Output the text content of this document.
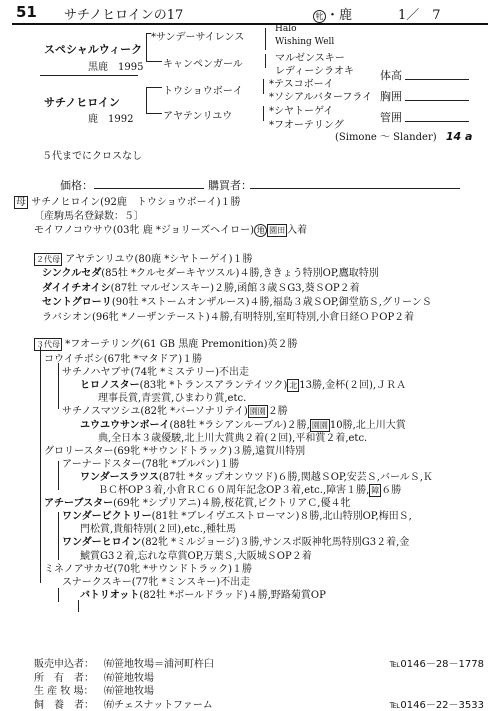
51 サチノヒロインの17	牝 ・鹿	1／　7
スペシャルウィーク
黒鹿　1995
*サンデーサイレンス
Halo
Wishing Well
キャンペンガール
マルゼンスキー
レディーシラオキ
サチノヒロイン
鹿　1992
トウショウボーイ
*テスコボーイ
*ソシアルバターフライ
アヤテンリユウ	*シヤトーゲイ
*フオーテリング
体高
胸囲
管囲
(Simone ～ Slander) 14 a
５代までにクロスなし
価格：	購買者：
母 サチノヒロイン(92鹿　トウショウボーイ)１勝
〔産駒馬名登録数：５〕
モイワノコウサウ(03牝 鹿 *ジョリーズヘイロー) 地 園田 入着
２代母 アヤテンリユウ(80鹿 *シヤトーゲイ)１勝
シンクルセダ(85牡 *クルセダーキヤツスル)４勝,ききょう特別OP,鷹取特別
ダイイチオイシ(87牡 マルゼンスキー)２勝,函館３歳ＳG3,葵ＳOP２着
セントグローリ(90牡 *ストームオンザルース)４勝,福島３歳ＳOP,御堂筋Ｓ,グリーンＳ
ラバシオン(96牝 *ノーザンテースト)４勝,有明特別,室町特別,小倉日経ＯＰOP２着
３代母 *フオーテリング(61 GB 黒鹿 Premonition)英２勝
コウイチボシ(67牝 *マタドア)１勝
サチノハヤブサ(74牝 *ミステリー)不出走
ヒロノスター(83牝 *トランスアランテイツク) 北 13勝,金杯(２回),ＪＲＡ
理事長賞,青雲賞,ひまわり賞,etc.
サチノスマツシユ(82牝 *バーソナリテイ) 園園 ２勝
ユウユウサンボーイ(88牡 *ラシアンルーブル)２勝, 園園 10勝,北上川大賞
典,全日本３歳優駿,北上川大賞典２着(２回),平和賞２着,etc.
グロリースター(69牝 *サウンドトラック)３勝,遠賀川特別
アーナードスター(78牝 *ブルパン)１勝
ワンダースラツス(87牡 *タップオンウツド)６勝,関越ＳOP,安芸Ｓ,バールＳ,Ｋ
ＢＣ杯OP３着,小倉ＲＣ６０周年記念OP３着,etc.,障害１勝, 障 ６勝
アチーブスター(69牝 *シプリアニ)４勝,桜花賞,ビクトリアＣ,優４牝
ワンダービクトリー(81牡 *ブレイヴエストローマン)８勝,北山特別OP,梅田Ｓ,
門松賞,貴船特別(２回),etc.,種牡馬
ワンダーヒロイン(82牝 *ミルジョージ)３勝,サンスポ阪神牝馬特別G3２着,金
鯱賞G3２着,忘れな草賞OP,万葉Ｓ,大阪城ＳOP２着
ミネノアサカゼ(70牝 *サウンドトラック)１勝
スナークスキー(77牝 *ミンスキー)不出走
バトリオット(82牡 *ボールドラッド)４勝,野路菊賞OP
販売申込者： ㈲笹地牧場＝浦河町杵臼	℡0146－28－1778
所　有　者： ㈲笹地牧場
生 産 牧 場： ㈲笹地牧場
飼　養　者： ㈲チェスナットファーム	℡0146－22－3533
